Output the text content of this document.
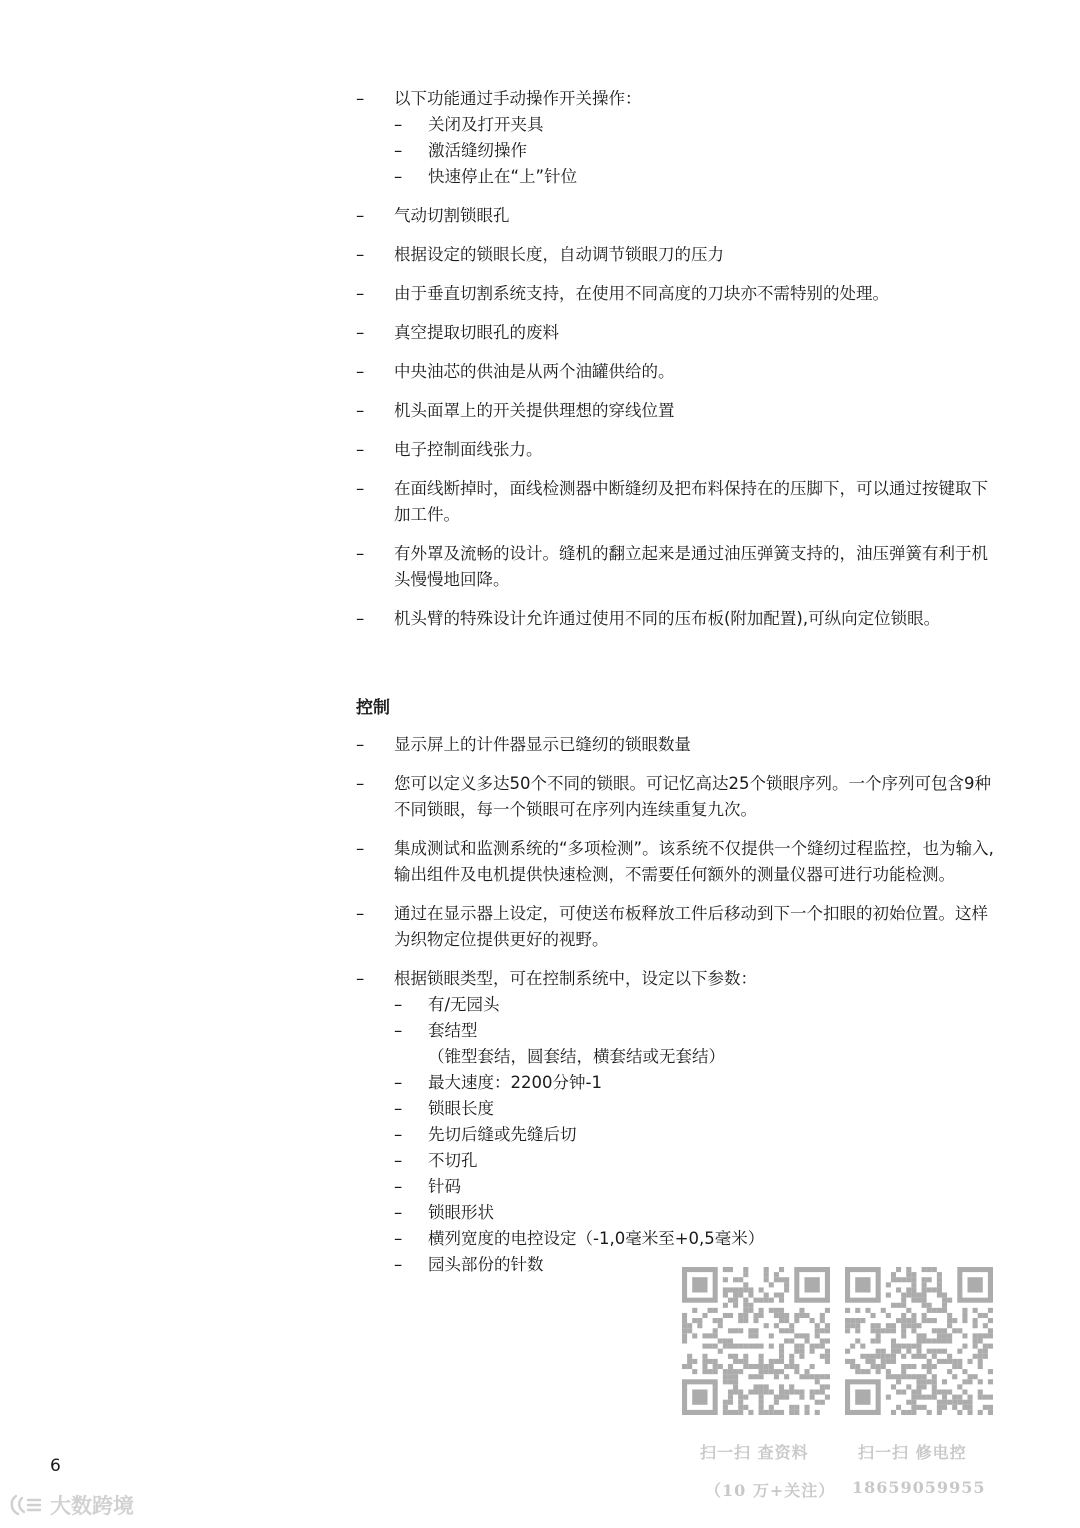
– 以下功能通过手动操作开关操作：
– 关闭及打开夹具
– 激活缝纫操作
– 快速停止在“上”针位
– 气动切割锁眼孔
– 根据设定的锁眼长度，自动调节锁眼刀的压力
– 由于垂直切割系统支持，在使用不同高度的刀块亦不需特别的处理。
– 真空提取切眼孔的废料
– 中央油芯的供油是从两个油罐供给的。
– 机头面罩上的开关提供理想的穿线位置
– 电子控制面线张力。
– 在面线断掉时，面线检测器中断缝纫及把布料保持在的压脚下，可以通过按键取下加工件。
– 有外罩及流畅的设计。缝机的翻立起来是通过油压弹簧支持的，油压弹簧有利于机头慢慢地回降。
– 机头臂的特殊设计允许通过使用不同的压布板(附加配置),可纵向定位锁眼。
控制
– 显示屏上的计件器显示已缝纫的锁眼数量
– 您可以定义多达50个不同的锁眼。可记忆高达25个锁眼序列。一个序列可包含9种不同锁眼，每一个锁眼可在序列内连续重复九次。
– 集成测试和监测系统的“多项检测”。该系统不仅提供一个缝纫过程监控，也为输入,输出组件及电机提供快速检测，不需要任何额外的测量仪器可进行功能检测。
– 通过在显示器上设定，可使送布板释放工件后移动到下一个扣眼的初始位置。这样为织物定位提供更好的视野。
– 根据锁眼类型，可在控制系统中，设定以下参数：
– 有/无园头
– 套结型
（锥型套结，圆套结，横套结或无套结）
– 最大速度：2200分钟-1
– 锁眼长度
– 先切后缝或先缝后切
– 不切孔
– 针码
– 锁眼形状
– 横列宽度的电控设定（-1,0毫米至+0,5毫米）
– 园头部份的针数
6
扫一扫 查资料
（10 万+关注）
扫一扫 修电控
18659059955
大数跨境
